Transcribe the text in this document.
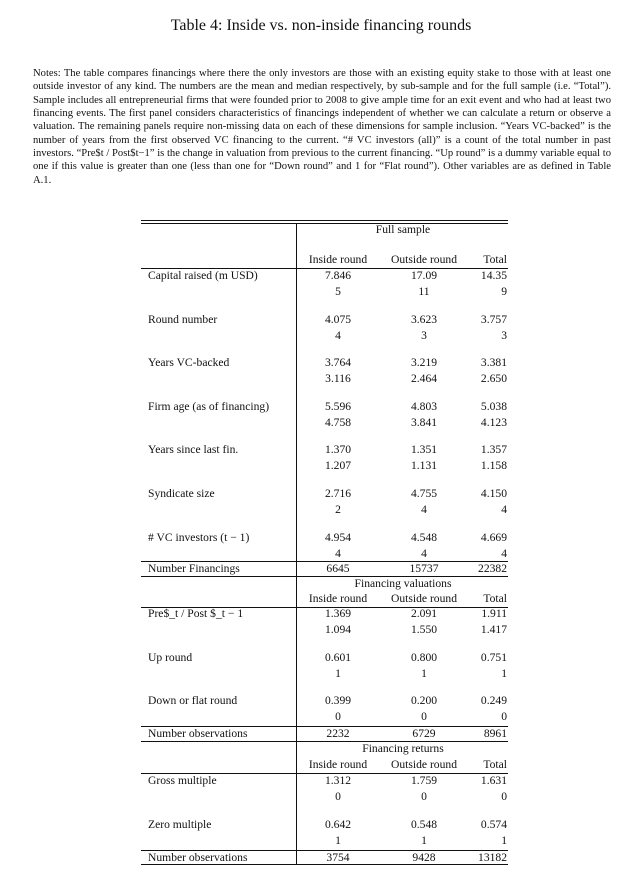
Table 4: Inside vs. non-inside financing rounds
Notes: The table compares financings where there the only investors are those with an existing equity stake to those with at least one outside investor of any kind. The numbers are the mean and median respectively, by sub-sample and for the full sample (i.e. “Total”). Sample includes all entrepreneurial firms that were founded prior to 2008 to give ample time for an exit event and who had at least two financing events. The first panel considers characteristics of financings independent of whether we can calculate a return or observe a valuation. The remaining panels require non-missing data on each of these dimensions for sample inclusion. “Years VC-backed” is the number of years from the first observed VC financing to the current. “# VC investors (all)” is a count of the total number in past investors. “Pre$t / Post$t−1” is the change in valuation from previous to the current financing. “Up round” is a dummy variable equal to one if this value is greater than one (less than one for “Down round” and 1 for “Flat round”). Other variables are as defined in Table A.1.
Full sample
Inside round	Outside round	Total
Capital raised (m USD)	7.846	17.09	14.35
5	11	9
Round number	4.075	3.623	3.757
4	3	3
Years VC-backed	3.764	3.219	3.381
3.116	2.464	2.650
Firm age (as of financing)	5.596	4.803	5.038
4.758	3.841	4.123
Years since last fin.	1.370	1.351	1.357
1.207	1.131	1.158
Syndicate size	2.716	4.755	4.150
2	4	4
# VC investors (t − 1)	4.954	4.548	4.669
4	4	4
Number Financings	6645	15737	22382
Financing valuations
Inside round	Outside round	Total
Pre$_t / Post $_t − 1	1.369	2.091	1.911
1.094	1.550	1.417
Up round	0.601	0.800	0.751
1	1	1
Down or flat round	0.399	0.200	0.249
0	0	0
Number observations	2232	6729	8961
Financing returns
Inside round	Outside round	Total
Gross multiple	1.312	1.759	1.631
0	0	0
Zero multiple	0.642	0.548	0.574
1	1	1
Number observations	3754	9428	13182
